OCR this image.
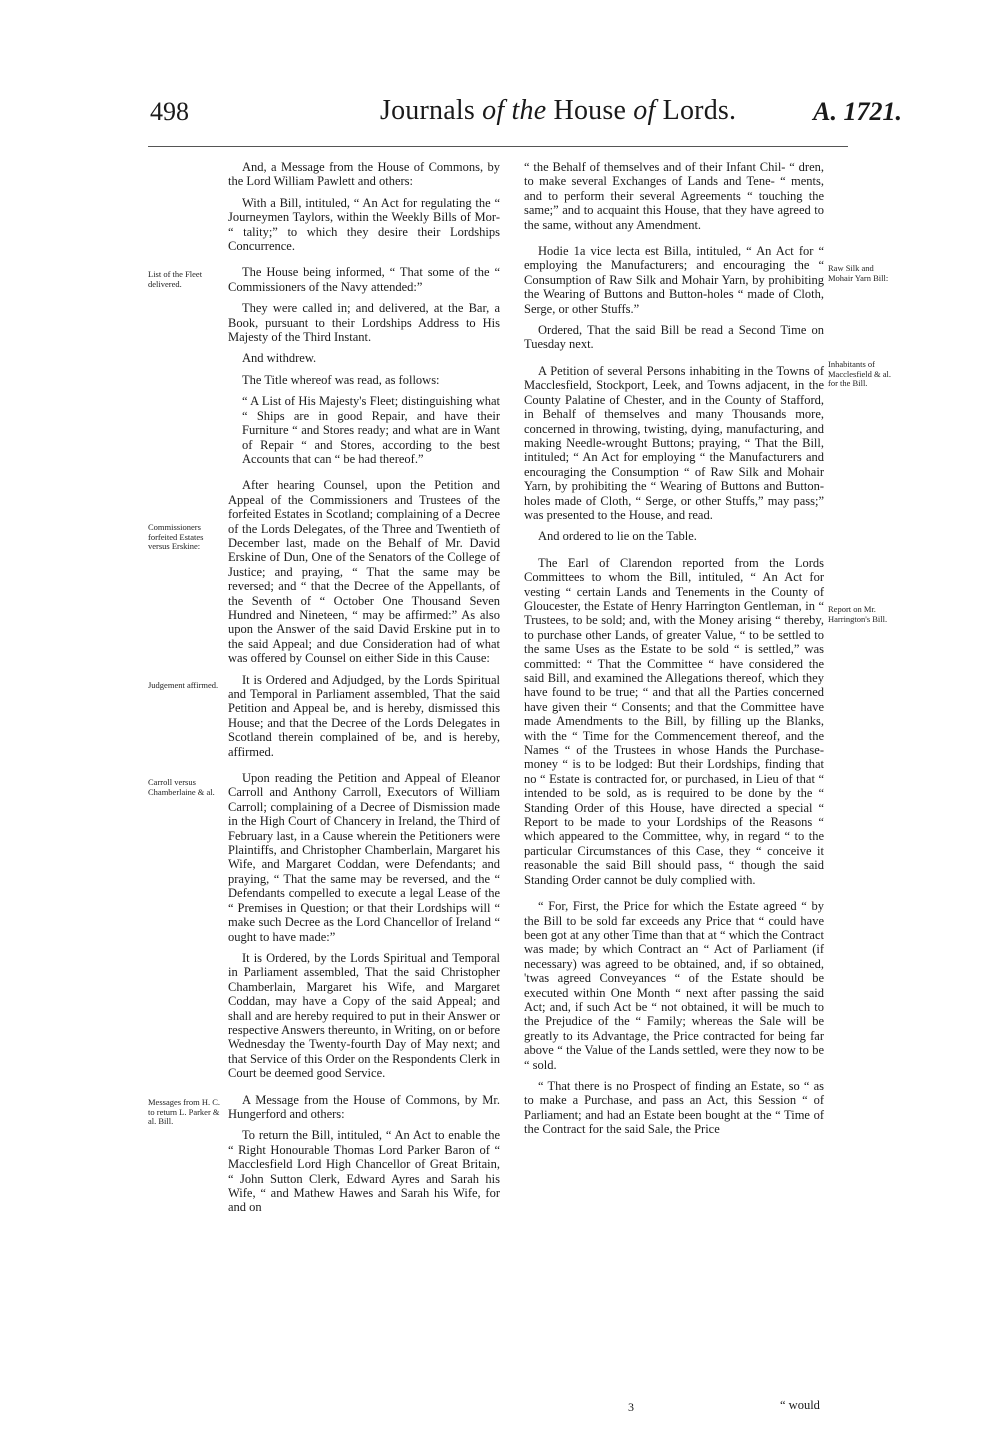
498	Journals of the House of Lords.	A. 1721.
List of the Fleet delivered.
Commissioners forfeited Estates versus Erskine:
Judgement affirmed.
Carroll versus Chamberlaine & al.
Messages from H. C. to return L. Parker & al. Bill.
Raw Silk and Mohair Yarn Bill:
Inhabitants of Macclesfield & al. for the Bill.
Report on Mr. Harrington's Bill.

And, a Message from the House of Commons, by the Lord William Pawlett and others:

With a Bill, intituled, “ An Act for regulating the “ Journeymen Taylors, within the Weekly Bills of Mor- “ tality;” to which they desire their Lordships Concurrence.

The House being informed, “ That some of the “ Commissioners of the Navy attended:”

They were called in; and delivered, at the Bar, a Book, pursuant to their Lordships Address to His Majesty of the Third Instant.

And withdrew.

The Title whereof was read, as follows:

“ A List of His Majesty's Fleet; distinguishing what “ Ships are in good Repair, and have their Furniture “ and Stores ready; and what are in Want of Repair “ and Stores, according to the best Accounts that can “ be had thereof.”

After hearing Counsel, upon the Petition and Appeal of the Commissioners and Trustees of the forfeited Estates in Scotland; complaining of a Decree of the Lords Delegates, of the Three and Twentieth of December last, made on the Behalf of Mr. David Erskine of Dun, One of the Senators of the College of Justice; and praying, “ That the same may be reversed; and “ that the Decree of the Appellants, of the Seventh of “ October One Thousand Seven Hundred and Nineteen, “ may be affirmed:” As also upon the Answer of the said David Erskine put in to the said Appeal; and due Consideration had of what was offered by Counsel on either Side in this Cause:

It is Ordered and Adjudged, by the Lords Spiritual and Temporal in Parliament assembled, That the said Petition and Appeal be, and is hereby, dismissed this House; and that the Decree of the Lords Delegates in Scotland therein complained of be, and is hereby, affirmed.

Upon reading the Petition and Appeal of Eleanor Carroll and Anthony Carroll, Executors of William Carroll; complaining of a Decree of Dismission made in the High Court of Chancery in Ireland, the Third of February last, in a Cause wherein the Petitioners were Plaintiffs, and Christopher Chamberlain, Margaret his Wife, and Margaret Coddan, were Defendants; and praying, “ That the same may be reversed, and the “ Defendants compelled to execute a legal Lease of the “ Premises in Question; or that their Lordships will “ make such Decree as the Lord Chancellor of Ireland “ ought to have made:”

It is Ordered, by the Lords Spiritual and Temporal in Parliament assembled, That the said Christopher Chamberlain, Margaret his Wife, and Margaret Coddan, may have a Copy of the said Appeal; and shall and are hereby required to put in their Answer or respective Answers thereunto, in Writing, on or before Wednesday the Twenty-fourth Day of May next; and that Service of this Order on the Respondents Clerk in Court be deemed good Service.

A Message from the House of Commons, by Mr. Hungerford and others:

To return the Bill, intituled, “ An Act to enable the “ Right Honourable Thomas Lord Parker Baron of “ Macclesfield Lord High Chancellor of Great Britain, “ John Sutton Clerk, Edward Ayres and Sarah his Wife, “ and Mathew Hawes and Sarah his Wife, for and on

“ the Behalf of themselves and of their Infant Chil- “ dren, to make several Exchanges of Lands and Tene- “ ments, and to perform their several Agreements “ touching the same;” and to acquaint this House, that they have agreed to the same, without any Amendment.

Hodie 1a vice lecta est Billa, intituled, “ An Act for “ employing the Manufacturers; and encouraging the “ Consumption of Raw Silk and Mohair Yarn, by prohibiting the Wearing of Buttons and Button-holes “ made of Cloth, Serge, or other Stuffs.”

Ordered, That the said Bill be read a Second Time on Tuesday next.

A Petition of several Persons inhabiting in the Towns of Macclesfield, Stockport, Leek, and Towns adjacent, in the County Palatine of Chester, and in the County of Stafford, in Behalf of themselves and many Thousands more, concerned in throwing, twisting, dying, manufacturing, and making Needle-wrought Buttons; praying, “ That the Bill, intituled; “ An Act for employing “ the Manufacturers and encouraging the Consumption “ of Raw Silk and Mohair Yarn, by prohibiting the “ Wearing of Buttons and Button-holes made of Cloth, “ Serge, or other Stuffs,” may pass;” was presented to the House, and read.

And ordered to lie on the Table.

The Earl of Clarendon reported from the Lords Committees to whom the Bill, intituled, “ An Act for vesting “ certain Lands and Tenements in the County of Gloucester, the Estate of Henry Harrington Gentleman, in “ Trustees, to be sold; and, with the Money arising “ thereby, to purchase other Lands, of greater Value, “ to be settled to the same Uses as the Estate to be sold “ is settled,” was committed: “ That the Committee “ have considered the said Bill, and examined the Allegations thereof, which they have found to be true; “ and that all the Parties concerned have given their “ Consents; and that the Committee have made Amendments to the Bill, by filling up the Blanks, with the “ Time for the Commencement thereof, and the Names “ of the Trustees in whose Hands the Purchase-money “ is to be lodged: But their Lordships, finding that no “ Estate is contracted for, or purchased, in Lieu of that “ intended to be sold, as is required to be done by the “ Standing Order of this House, have directed a special “ Report to be made to your Lordships of the Reasons “ which appeared to the Committee, why, in regard “ to the particular Circumstances of this Case, they “ conceive it reasonable the said Bill should pass, “ though the said Standing Order cannot be duly complied with.

“ For, First, the Price for which the Estate agreed “ by the Bill to be sold far exceeds any Price that “ could have been got at any other Time than that at “ which the Contract was made; by which Contract an “ Act of Parliament (if necessary) was agreed to be obtained, and, if so obtained, 'twas agreed Conveyances “ of the Estate should be executed within One Month “ next after passing the said Act; and, if such Act be “ not obtained, it will be much to the Prejudice of the “ Family; whereas the Sale will be greatly to its Advantage, the Price contracted for being far above “ the Value of the Lands settled, were they now to be “ sold.

“ That there is no Prospect of finding an Estate, so “ as to make a Purchase, and pass an Act, this Session “ of Parliament; and had an Estate been bought at the “ Time of the Contract for the said Sale, the Price

3	“ would
